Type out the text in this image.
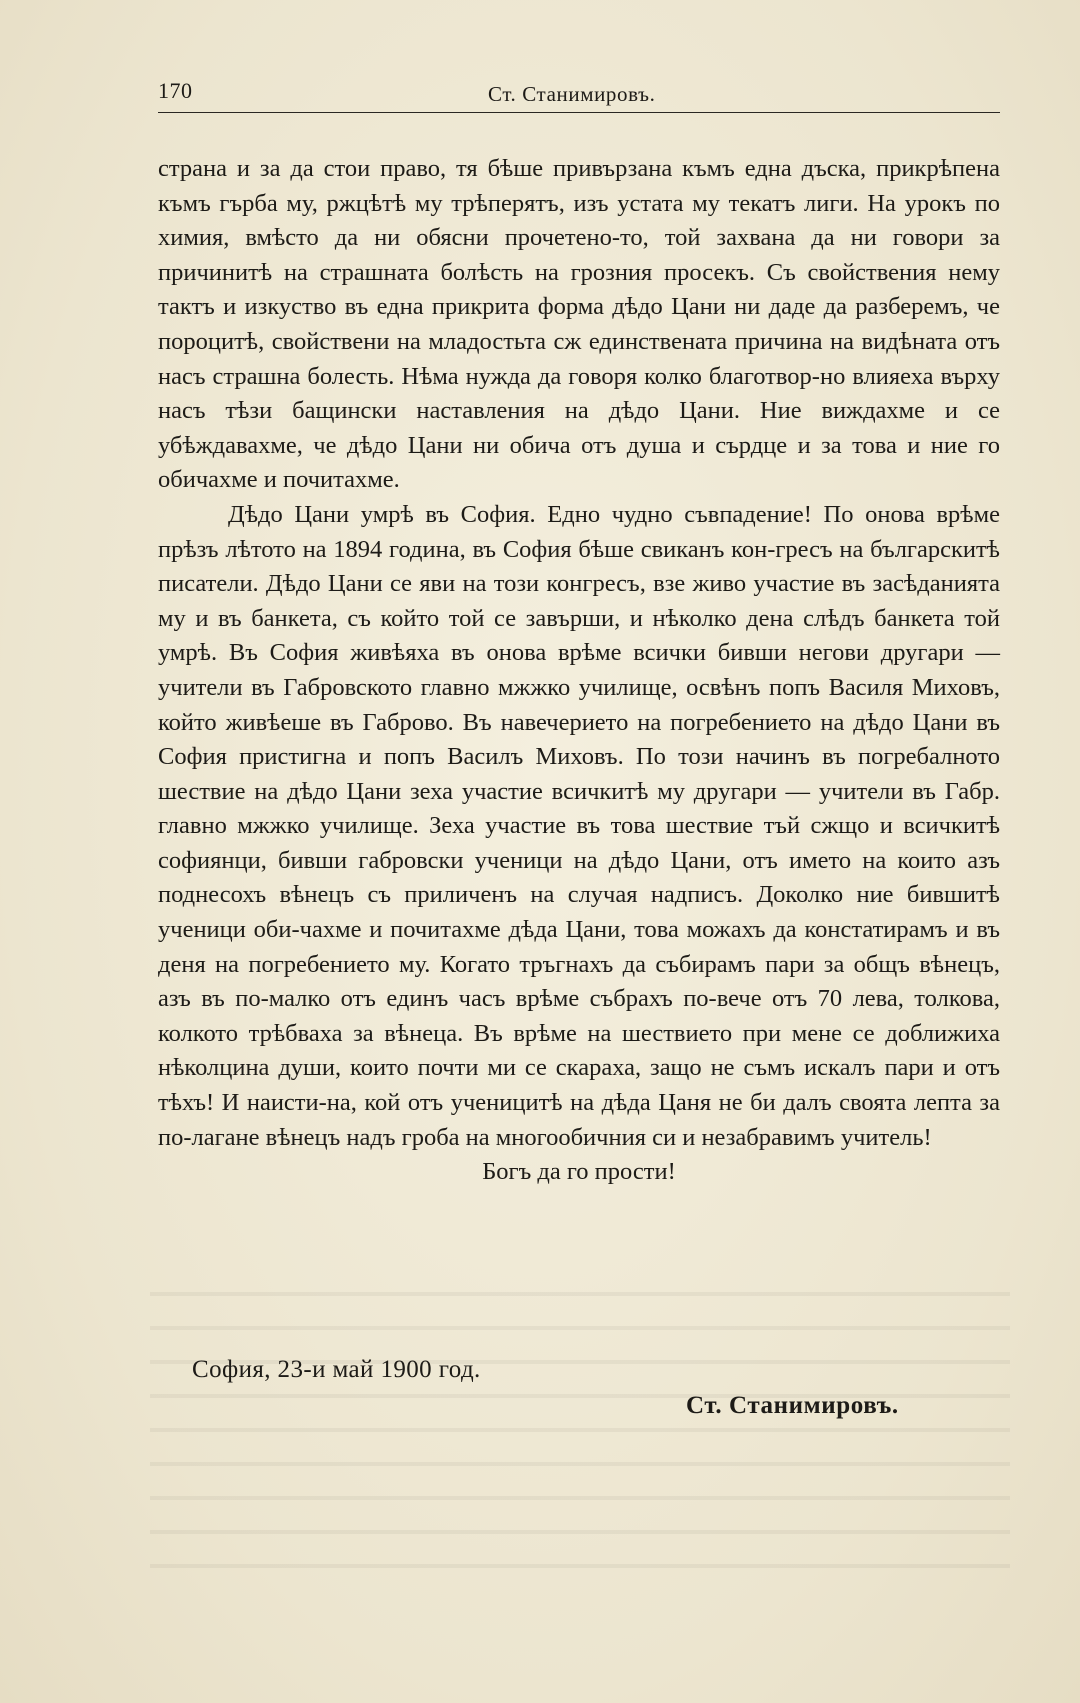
170	Ст. Станимировъ.

страна и за да стои право, тя бѣше привързана къмъ една дъска, прикрѣпена къмъ гърба му, ржцѣтѣ му трѣперятъ, изъ устата му текатъ лиги. На урокъ по химия, вмѣсто да ни обясни прочетено-то, той захвана да ни говори за причинитѣ на страшната болѣсть на грозния просекъ. Съ свойствения нему тактъ и изкуство въ една прикрита форма дѣдо Цани ни даде да разберемъ, че пороцитѣ, свойствени на младостьта сж единствената причина на видѣната отъ насъ страшна болесть. Нѣма нужда да говоря колко благотвор-но влияеха върху насъ тѣзи бащински наставления на дѣдо Цани. Ние виждахме и се убѣждавахме, че дѣдо Цани ни обича отъ душа и сърдце и за това и ние го обичахме и почитахме.

Дѣдо Цани умрѣ въ София. Едно чудно съвпадение! По онова врѣме прѣзъ лѣтото на 1894 година, въ София бѣше свиканъ кон-гресъ на българскитѣ писатели. Дѣдо Цани се яви на този конгресъ, взе живо участие въ засѣданията му и въ банкета, съ който той се завърши, и нѣколко дена слѣдъ банкета той умрѣ. Въ София живѣяха въ онова врѣме всички бивши негови другари — учители въ Габровското главно мжжко училище, освѣнъ попъ Василя Миховъ, който живѣеше въ Габрово. Въ навечерието на погребението на дѣдо Цани въ София пристигна и попъ Василъ Миховъ. По този начинъ въ погребалното шествие на дѣдо Цани зеха участие всичкитѣ му другари — учители въ Габр. главно мжжко училище. Зеха участие въ това шествие тъй сжщо и всичкитѣ софиянци, бивши габровски ученици на дѣдо Цани, отъ името на които азъ поднесохъ вѣнецъ съ приличенъ на случая надписъ. Доколко ние бившитѣ ученици оби-чахме и почитахме дѣда Цани, това можахъ да констатирамъ и въ деня на погребението му. Когато тръгнахъ да събирамъ пари за общъ вѣнецъ, азъ въ по-малко отъ единъ часъ врѣме събрахъ по-вече отъ 70 лева, толкова, колкото трѣбваха за вѣнеца. Въ врѣме на шествието при мене се доближиха нѣколцина души, които почти ми се скараха, защо не съмъ искалъ пари и отъ тѣхъ! И наисти-на, кой отъ ученицитѣ на дѣда Цаня не би далъ своята лепта за по-лагане вѣнецъ надъ гроба на многообичния си и незабравимъ учитель!

Богъ да го прости!

София, 23-и май 1900 год.
Ст. Станимировъ.
